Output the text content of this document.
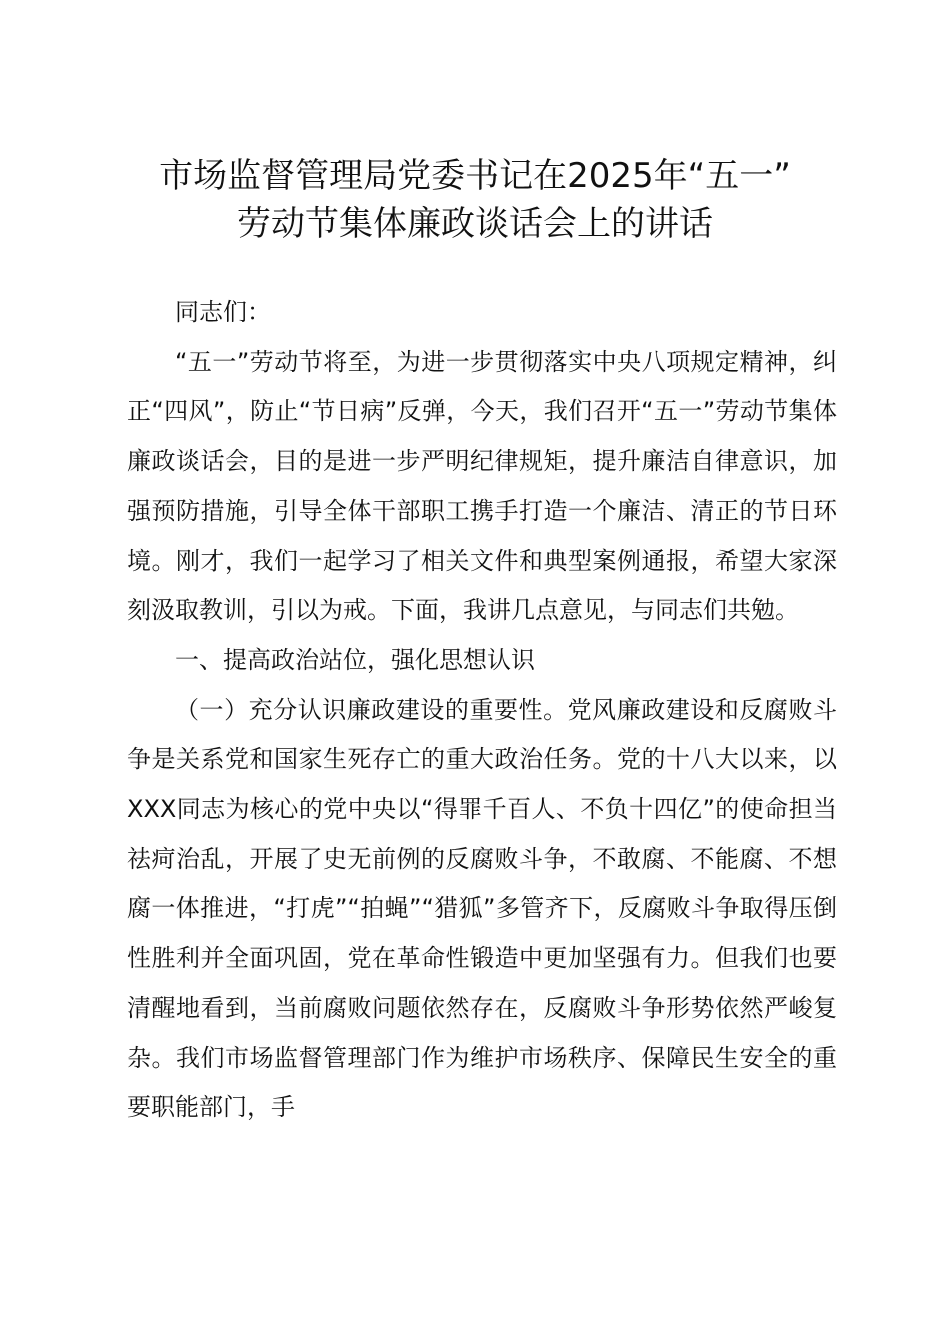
市场监督管理局党委书记在2025年“五一”
劳动节集体廉政谈话会上的讲话

同志们：

“五一”劳动节将至，为进一步贯彻落实中央八项规定精神，纠正“四风”，防止“节日病”反弹，今天，我们召开“五一”劳动节集体廉政谈话会，目的是进一步严明纪律规矩，提升廉洁自律意识，加强预防措施，引导全体干部职工携手打造一个廉洁、清正的节日环境。刚才，我们一起学习了相关文件和典型案例通报，希望大家深刻汲取教训，引以为戒。下面，我讲几点意见，与同志们共勉。

一、提高政治站位，强化思想认识

（一）充分认识廉政建设的重要性。党风廉政建设和反腐败斗争是关系党和国家生死存亡的重大政治任务。党的十八大以来，以XXX同志为核心的党中央以“得罪千百人、不负十四亿”的使命担当祛疴治乱，开展了史无前例的反腐败斗争，不敢腐、不能腐、不想腐一体推进，“打虎”“拍蝇”“猎狐”多管齐下，反腐败斗争取得压倒性胜利并全面巩固，党在革命性锻造中更加坚强有力。但我们也要清醒地看到，当前腐败问题依然存在，反腐败斗争形势依然严峻复杂。我们市场监督管理部门作为维护市场秩序、保障民生安全的重要职能部门，手
